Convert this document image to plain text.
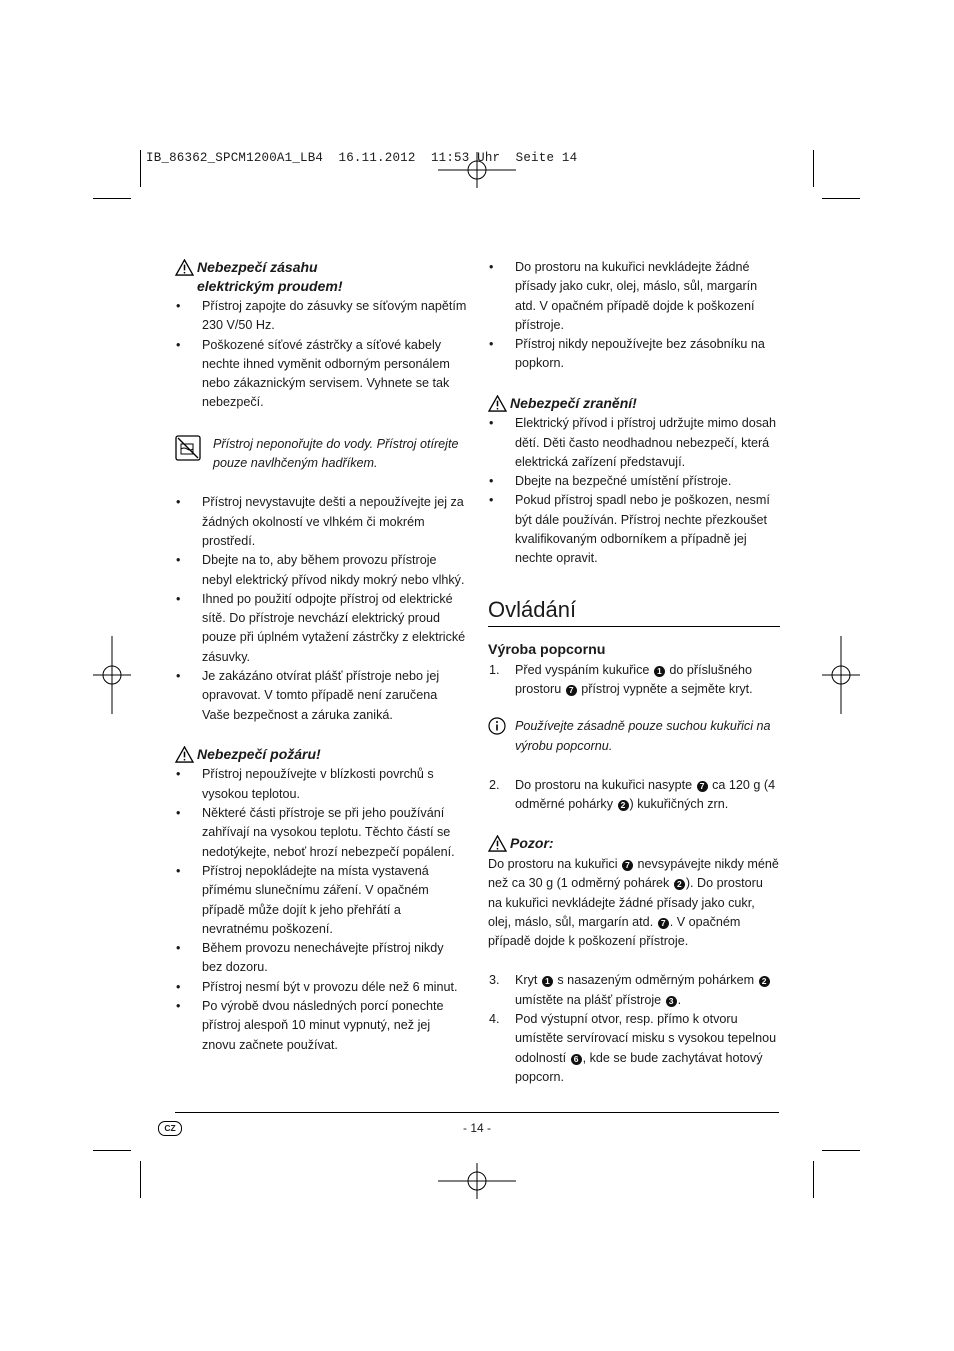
IB_86362_SPCM1200A1_LB4  16.11.2012  11:53 Uhr  Seite 14
Nebezpečí zásahu
elektrickým proudem!
• Přístroj zapojte do zásuvky se síťovým napětím 230 V/50 Hz.
• Poškozené síťové zástrčky a síťové kabely nechte ihned vyměnit odborným personálem nebo zákaznickým servisem. Vyhnete se tak nebezpečí.
Přístroj neponořujte do vody. Přístroj otírejte pouze navlhčeným hadříkem.
• Přístroj nevystavujte dešti a nepoužívejte jej za žádných okolností ve vlhkém či mokrém prostředí.
• Dbejte na to, aby během provozu přístroje nebyl elektrický přívod nikdy mokrý nebo vlhký.
• Ihned po použití odpojte přístroj od elektrické sítě. Do přístroje nevchází elektrický proud pouze při úplném vytažení zástrčky z elektrické zásuvky.
• Je zakázáno otvírat plášť přístroje nebo jej opravovat. V tomto případě není zaručena Vaše bezpečnost a záruka zaniká.
Nebezpečí požáru!
• Přístroj nepoužívejte v blízkosti povrchů s vysokou teplotou.
• Některé části přístroje se při jeho používání zahřívají na vysokou teplotu. Těchto částí se nedotýkejte, neboť hrozí nebezpečí popálení.
• Přístroj nepokládejte na místa vystavená přímému slunečnímu záření. V opačném případě může dojít k jeho přehřátí a nevratnému poškození.
• Během provozu nenechávejte přístroj nikdy bez dozoru.
• Přístroj nesmí být v provozu déle než 6 minut.
• Po výrobě dvou následných porcí ponechte přístroj alespoň 10 minut vypnutý, než jej znovu začnete používat.
• Do prostoru na kukuřici nevkládejte žádné přísady jako cukr, olej, máslo, sůl, margarín atd. V opačném případě dojde k poškození přístroje.
• Přístroj nikdy nepoužívejte bez zásobníku na popkorn.
Nebezpečí zranění!
• Elektrický přívod i přístroj udržujte mimo dosah dětí. Děti často neodhadnou nebezpečí, která elektrická zařízení představují.
• Dbejte na bezpečné umístění přístroje.
• Pokud přístroj spadl nebo je poškozen, nesmí být dále používán. Přístroj nechte přezkoušet kvalifikovaným odborníkem a případně jej nechte opravit.
Ovládání
Výroba popcornu
1. Před vyspáním kukuřice 1 do příslušného prostoru 7 přístroj vypněte a sejměte kryt.
Používejte zásadně pouze suchou kukuřici na výrobu popcornu.
2. Do prostoru na kukuřici nasypte 7 ca 120 g (4 odměrné pohárky 2 ) kukuřičných zrn.
Pozor:
Do prostoru na kukuřici 7 nevsypávejte nikdy méně než ca 30 g (1 odměrný pohárek 2 ). Do prostoru na kukuřici nevkládejte žádné přísady jako cukr, olej, máslo, sůl, margarín atd. 7 . V opačném případě dojde k poškození přístroje.
3. Kryt 1 s nasazeným odměrným pohárkem 2 umístěte na plášť přístroje 3 .
4. Pod výstupní otvor, resp. přímo k otvoru umístěte servírovací misku s vysokou tepelnou odolností 6 , kde se bude zachytávat hotový popcorn.
CZ	- 14 -
